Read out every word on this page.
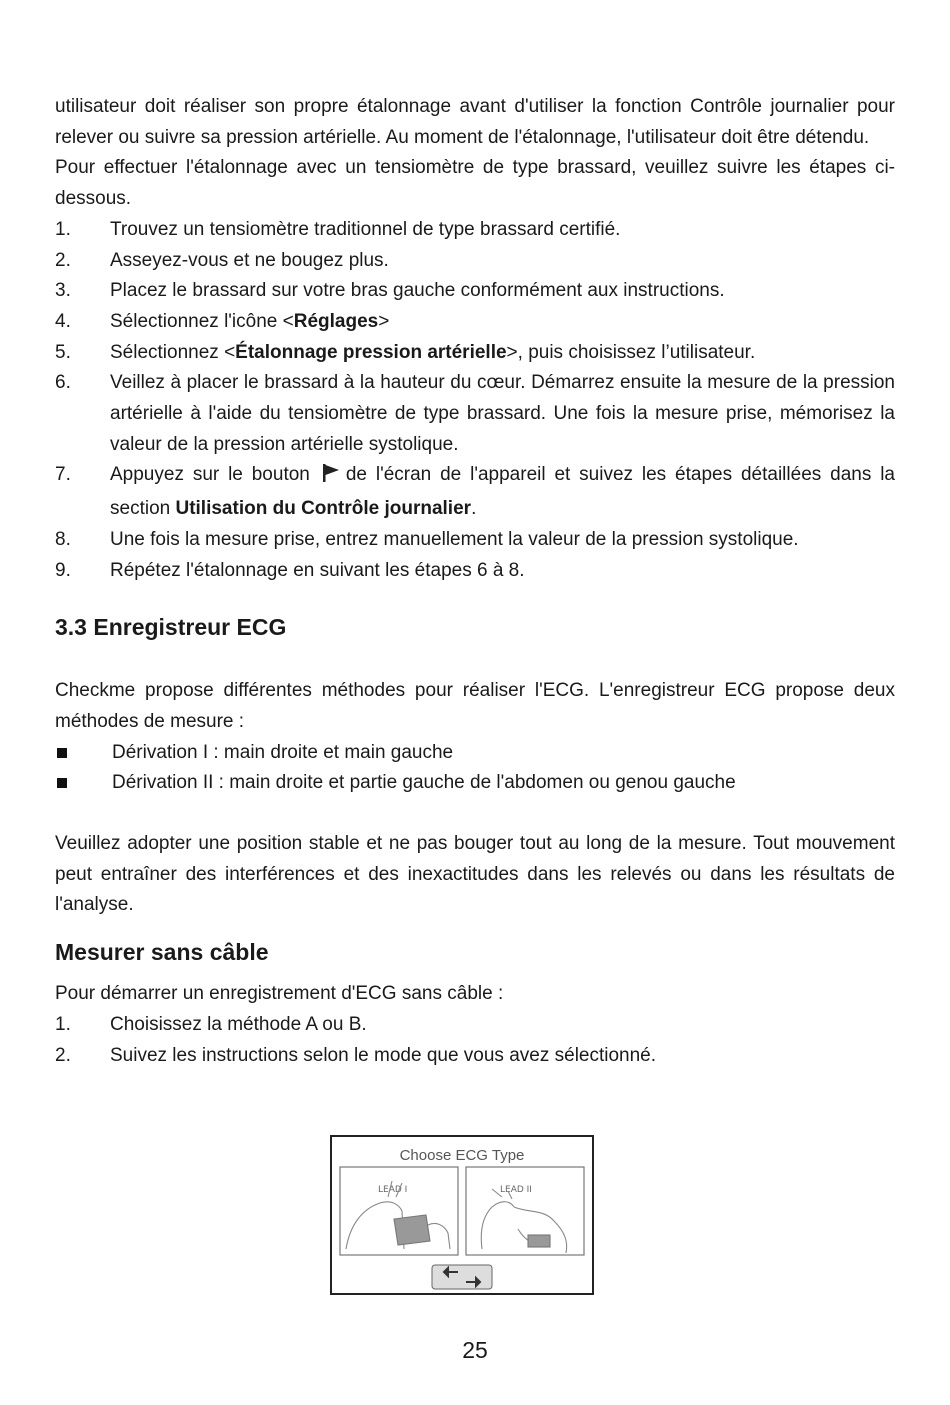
utilisateur doit réaliser son propre étalonnage avant d'utiliser la fonction Contrôle journalier pour relever ou suivre sa pression artérielle. Au moment de l'étalonnage, l'utilisateur doit être détendu.

Pour effectuer l'étalonnage avec un tensiomètre de type brassard, veuillez suivre les étapes ci-dessous.

1.	Trouvez un tensiomètre traditionnel de type brassard certifié.
2.	Asseyez-vous et ne bougez plus.
3.	Placez le brassard sur votre bras gauche conformément aux instructions.
4.	Sélectionnez l'icône <Réglages>
5.	Sélectionnez <Étalonnage pression artérielle>, puis choisissez l’utilisateur.
6.	Veillez à placer le brassard à la hauteur du cœur. Démarrez ensuite la mesure de la pression artérielle à l'aide du tensiomètre de type brassard. Une fois la mesure prise, mémorisez la valeur de la pression artérielle systolique.
7.	Appuyez sur le bouton de l'écran de l'appareil et suivez les étapes détaillées dans la section Utilisation du Contrôle journalier.
8.	Une fois la mesure prise, entrez manuellement la valeur de la pression systolique.
9.	Répétez l'étalonnage en suivant les étapes 6 à 8.
3.3 Enregistreur ECG

Checkme propose différentes méthodes pour réaliser l'ECG. L'enregistreur ECG propose deux méthodes de mesure :

Dérivation I : main droite et main gauche
Dérivation II : main droite et partie gauche de l'abdomen ou genou gauche

Veuillez adopter une position stable et ne pas bouger tout au long de la mesure. Tout mouvement peut entraîner des interférences et des inexactitudes dans les relevés ou dans les résultats de l'analyse.

Mesurer sans câble

Pour démarrer un enregistrement d'ECG sans câble :

1.	Choisissez la méthode A ou B.
2.	Suivez les instructions selon le mode que vous avez sélectionné.
Choose ECG Type
LEAD I	LEAD II
25
